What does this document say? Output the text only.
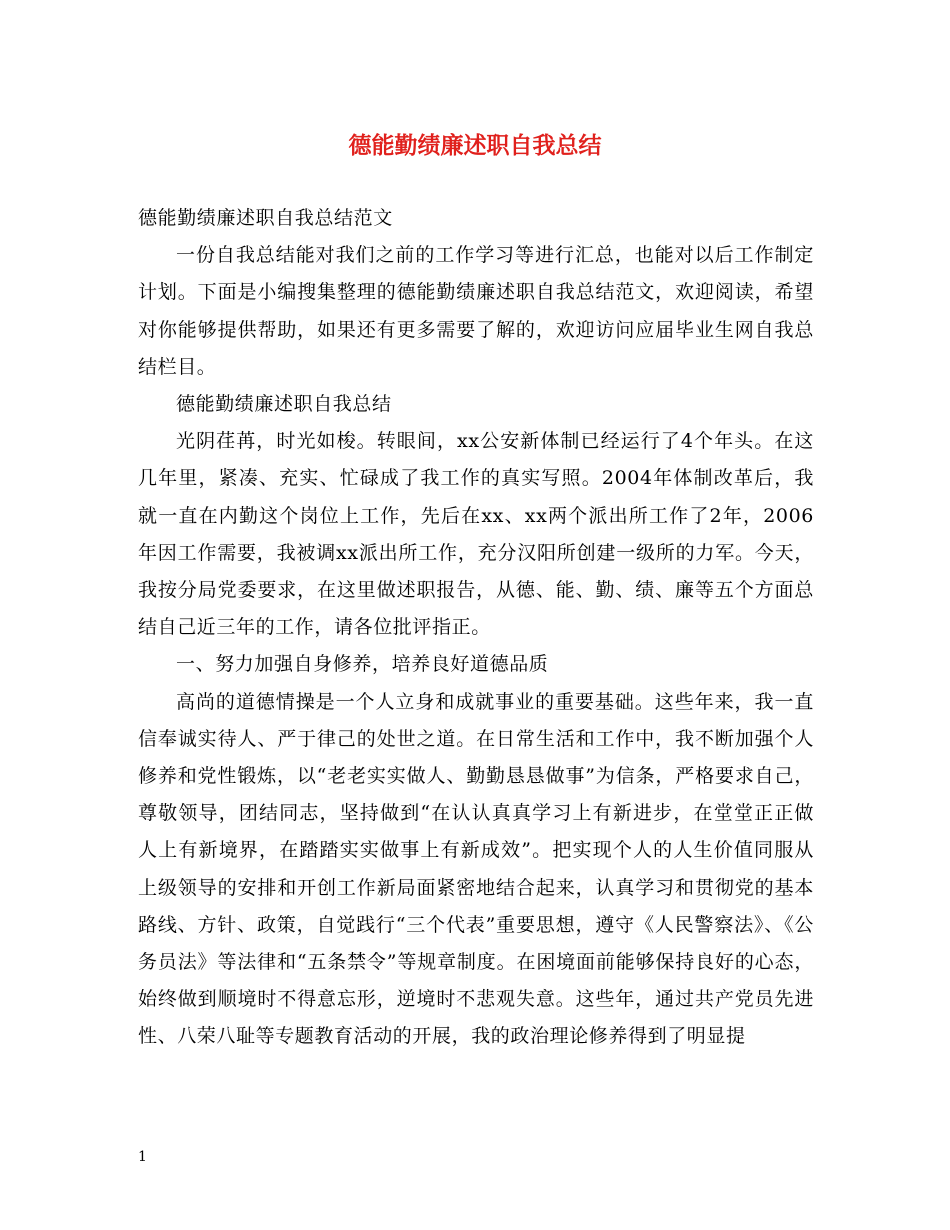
德能勤绩廉述职自我总结

德能勤绩廉述职自我总结范文

一份自我总结能对我们之前的工作学习等进行汇总，也能对以后工作制定计划。下面是小编搜集整理的德能勤绩廉述职自我总结范文，欢迎阅读，希望对你能够提供帮助，如果还有更多需要了解的，欢迎访问应届毕业生网自我总结栏目。

德能勤绩廉述职自我总结

光阴荏苒，时光如梭。转眼间，xx公安新体制已经运行了4个年头。在这几年里，紧凑、充实、忙碌成了我工作的真实写照。2004年体制改革后，我就一直在内勤这个岗位上工作，先后在xx、xx两个派出所工作了2年，2006年因工作需要，我被调xx派出所工作，充分汉阳所创建一级所的力军。今天，我按分局党委要求，在这里做述职报告，从德、能、勤、绩、廉等五个方面总结自己近三年的工作，请各位批评指正。

一、努力加强自身修养，培养良好道德品质

高尚的道德情操是一个人立身和成就事业的重要基础。这些年来，我一直信奉诚实待人、严于律己的处世之道。在日常生活和工作中，我不断加强个人修养和党性锻炼，以“老老实实做人、勤勤恳恳做事”为信条，严格要求自己，尊敬领导，团结同志，坚持做到“在认认真真学习上有新进步，在堂堂正正做人上有新境界，在踏踏实实做事上有新成效”。把实现个人的人生价值同服从上级领导的安排和开创工作新局面紧密地结合起来，认真学习和贯彻党的基本路线、方针、政策，自觉践行“三个代表”重要思想，遵守《人民警察法》、《公务员法》等法律和“五条禁令”等规章制度。在困境面前能够保持良好的心态，始终做到顺境时不得意忘形，逆境时不悲观失意。这些年，通过共产党员先进性、八荣八耻等专题教育活动的开展，我的政治理论修养得到了明显提

1
